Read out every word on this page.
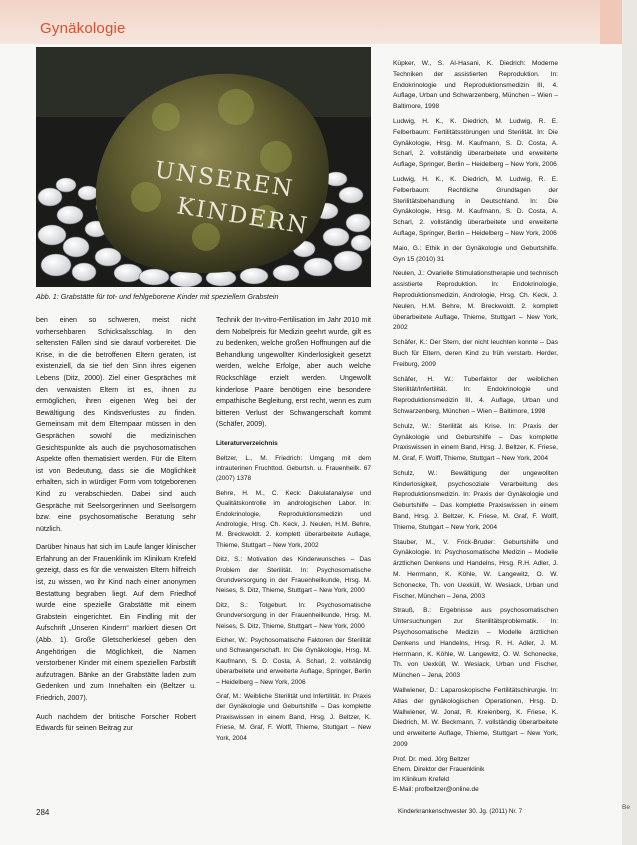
Gynäkologie
UNSEREN
KINDERN
Abb. 1: Grabstätte für tot- und fehlgeborene Kinder mit speziellem Grabstein

ben einen so schweren, meist nicht vorhersehbaren Schicksalsschlag. In den seltensten Fällen sind sie darauf vorbereitet. Die Krise, in die die betroffenen Eltern geraten, ist existenziell, da sie tief den Sinn ihres eigenen Lebens (Ditz, 2000). Ziel einer Gespräches mit den verwaisten Eltern ist es, ihnen zu ermöglichen, ihren eigenen Weg bei der Bewältigung des Kindsverlustes zu finden. Gemeinsam mit dem Elternpaar müssen in den Gesprächen sowohl die medizinischen Gesichtspunkte als auch die psychosomatischen Aspekte offen thematisiert werden. Für die Eltern ist von Bedeutung, dass sie die Möglichkeit erhalten, sich in würdiger Form vom totgeborenen Kind zu verabschieden. Dabei sind auch Gespräche mit Seelsorgerinnen und Seelsorgern bzw. eine psychosomatische Beratung sehr nützlich.

Darüber hinaus hat sich im Laufe langer klinischer Erfahrung an der Frauenklinik im Klinikum Krefeld gezeigt, dass es für die verwaisten Eltern hilfreich ist, zu wissen, wo ihr Kind nach einer anonymen Bestattung begraben liegt. Auf dem Friedhof wurde eine spezielle Grabstätte mit einem Grabstein eingerichtet. Ein Findling mit der Aufschrift „Unseren Kindern“ markiert diesen Ort (Abb. 1). Große Gletscherkiesel geben den Angehörigen die Möglichkeit, die Namen verstorbener Kinder mit einem speziellen Farbstift aufzutragen. Bänke an der Grabstätte laden zum Gedenken und zum Innehalten ein (Beltzer u. Friedrich, 2007).

Auch nachdem der britische Forscher Robert Edwards für seinen Beitrag zur

Technik der In-vitro-Fertilisation im Jahr 2010 mit dem Nobelpreis für Medizin geehrt wurde, gilt es zu bedenken, welche großen Hoffnungen auf die Behandlung ungewollter Kinderlosigkeit gesetzt werden, welche Erfolge, aber auch welche Rückschläge erzielt werden. Ungewollt kinderlose Paare benötigen eine besondere empathische Begleitung, erst recht, wenn es zum bitteren Verlust der Schwangerschaft kommt (Schäfer, 2009).

Literaturverzeichnis
Beltzer, L., M. Friedrich: Umgang mit dem intrauterinen Fruchttod. Geburtsh. u. Frauenheilk. 67 (2007) 1378
Behre, H. M., C. Keck: Dakulatanalyse und Qualitätskontrolle im andrologischen Labor. In: Endokrinologie, Reproduktionsmedizin und Andrologie, Hrsg. Ch. Keck, J. Neulen, H.M. Behre, M. Breckwoldt. 2. komplett überarbeitete Auflage, Thieme, Stuttgart – New York, 2002
Ditz, S.: Motivation des Kinderwunsches – Das Problem der Sterilität. In: Psychosomatische Grundversorgung in der Frauenheilkunde, Hrsg. M. Neises, S. Ditz, Thieme, Stuttgart – New York, 2000
Ditz, S.: Totgeburt. In: Psychosomatische Grundversorgung in der Frauenheilkunde, Hrsg. M. Neises, S. Ditz, Thieme, Stuttgart – New York, 2000
Eicher, W.: Psychosomatische Faktoren der Sterilität und Schwangerschaft. In: Die Gynäkologie, Hrsg. M. Kaufmann, S. D. Costa, A. Scharl, 2. vollständig überarbeitete und erweiterte Auflage, Springer, Berlin – Heidelberg – New York, 2006
Graf, M.: Weibliche Sterilität und Infertilität. In: Praxis der Gynäkologie und Geburtshilfe – Das komplette Praxiswissen in einem Band, Hrsg. J. Beltzer, K. Friese, M. Graf, F. Wolff, Thieme, Stuttgart – New York, 2004
Küpker, W., S. Al-Hasani, K. Diedrich: Moderne Techniken der assistierten Reproduktion. In: Endokrinologie und Reproduktionsmedizin III, 4. Auflage, Urban und Schwarzenberg, München – Wien – Baltimore, 1998
Ludwig, H. K., K. Diedrich, M. Ludwig, R. E. Felberbaum: Fertilitätsstörungen und Sterilität. In: Die Gynäkologie, Hrsg. M. Kaufmann, S. D. Costa, A. Scharl, 2. vollständig überarbeitete und erweiterte Auflage, Springer, Berlin – Heidelberg – New York, 2006
Ludwig, H. K., K. Diedrich, M. Ludwig, R. E. Felberbaum: Rechtliche Grundlagen der Sterilitätsbehandlung in Deutschland. In: Die Gynäkologie, Hrsg. M. Kaufmann, S. D. Costa, A. Scharl, 2. vollständig überarbeitete und erweiterte Auflage, Springer, Berlin – Heidelberg – New York, 2006
Maio, G.: Ethik in der Gynäkologie und Geburtshilfe. Gyn 15 (2010) 31
Neulen, J.: Ovarielle Stimulationstherapie und technisch assistierte Reproduktion. In: Endokrinologie, Reproduktionsmedizin, Andrologie, Hrsg. Ch. Keck, J. Neulen, H.M. Behre, M. Breckwoldt. 2. komplett überarbeitete Auflage, Thieme, Stuttgart – New York, 2002
Schäfer, K.: Der Stern, der nicht leuchten konnte – Das Buch für Eltern, deren Kind zu früh verstarb. Herder, Freiburg, 2009
Schäfer, H. W.: Tuberfaktor der weiblichen Sterilität/Infertilität. In: Endokrinologie und Reproduktionsmedizin III, 4. Auflage, Urban und Schwarzenberg, München – Wien – Baltimore, 1998
Schulz, W.: Sterilität als Krise. In: Praxis der Gynäkologie und Geburtshilfe – Das komplette Praxiswissen in einem Band, Hrsg. J. Beltzer, K. Friese, M. Graf, F. Wolff, Thieme, Stuttgart – New York, 2004
Schulz, W.: Bewältigung der ungewollten Kinderlosigkeit, psychosoziale Verarbeitung des Reproduktionsmedizin. In: Praxis der Gynäkologie und Geburtshilfe – Das komplette Praxiswissen in einem Band, Hrsg. J. Beltzer, K. Friese, M. Graf, F. Wolff, Thieme, Stuttgart – New York, 2004
Stauber, M., V. Frick-Bruder: Geburtshilfe und Gynäkologie. In: Psychosomatische Medizin – Modelle ärztlichen Denkens und Handelns, Hrsg. R.H. Adler, J. M. Herrmann, K. Köhle, W. Langewitz, O. W. Schonecke, Th. von Uexküll, W. Wesiack, Urban und Fischer, München – Jena, 2003
Strauß, B.: Ergebnisse aus psychosomatischen Untersuchungen zur Sterilitätsproblematik. In: Psychosomatische Medizin – Modelle ärztlichen Denkens und Handelns, Hrsg. R. H. Adler, J. M. Herrmann, K. Köhle, W. Langewitz, O. W. Schonecke, Th. von Uexküll, W. Wesiack, Urban und Fischer, München – Jena, 2003
Wallwiener, D.: Laparoskopische Fertilitätschirurgie. In: Atlas der gynäkologischen Operationen, Hrsg. D. Wallwiener, W. Jonat, R. Kreienberg, K. Friese, K. Diedrich, M. W. Beckmann, 7. vollständig überarbeitete und erweiterte Auflage, Thieme, Stuttgart – New York, 2009
Prof. Dr. med. Jörg Beltzer
Ehem. Direktor der Frauenklinik
Im Klinikum Krefeld
E-Mail: profbeltzer@online.de
284	Kinderkrankenschwester 30. Jg. (2011) Nr. 7
Be
